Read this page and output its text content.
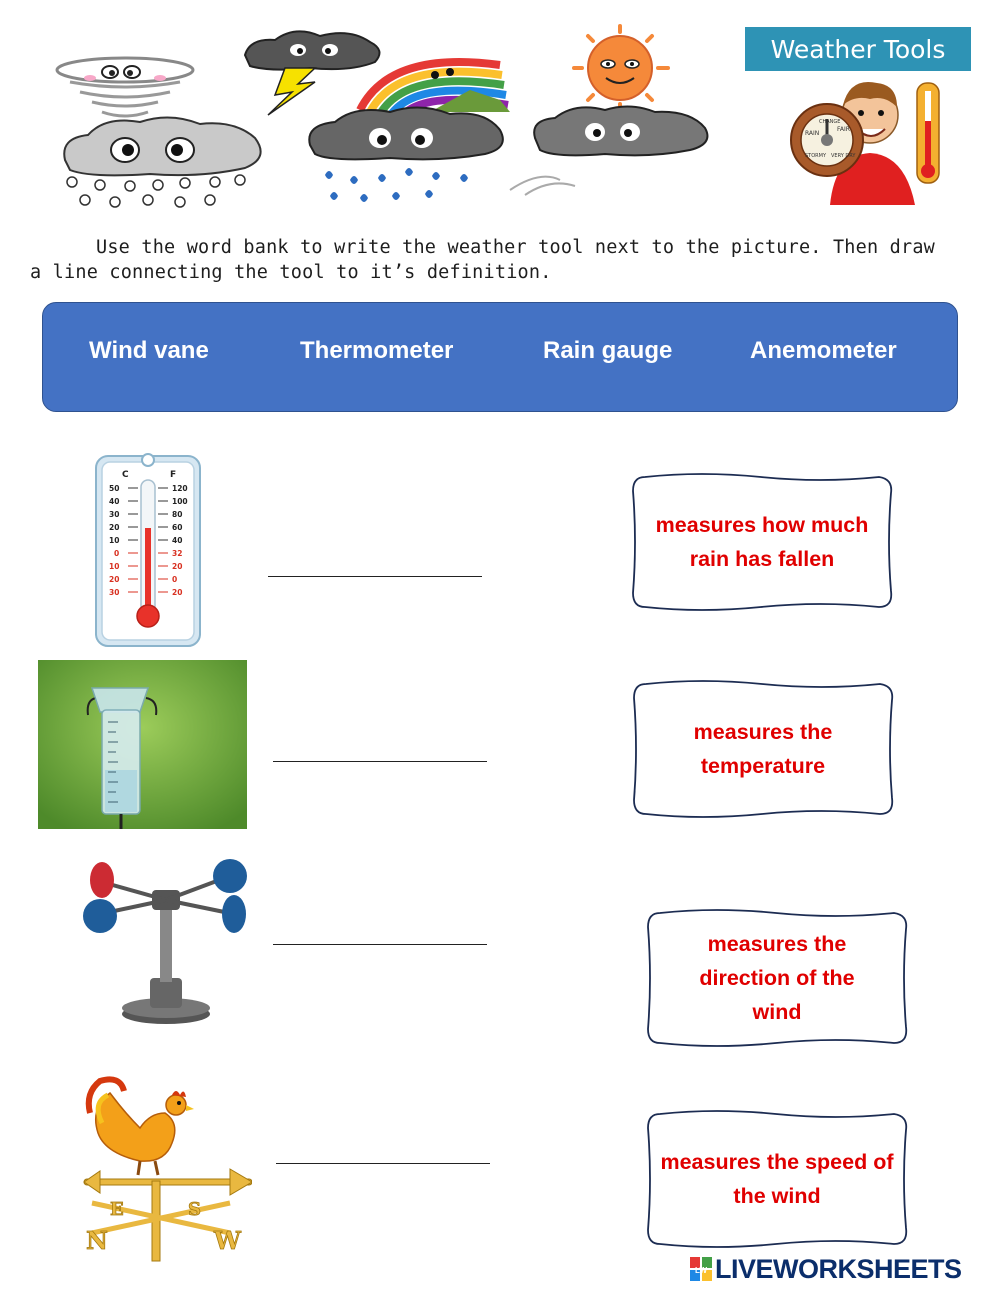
Weather Tools
RAIN
CHANGE
FAIR
STORMY VERY DRY

Use the word bank to write the weather tool next to the picture. Then draw

a line connecting the tool to it’s definition.

Wind vane	Thermometer	Rain gauge	Anemometer
C	F
50
40
30
20
10
0
10
20
30
120
100
80
60
40
32
20
0
20
E	S
W
N
measures how much rain has fallen
measures the temperature
measures the direction of the wind
measures the speed of the wind
LW LIVEWORKSHEETS
